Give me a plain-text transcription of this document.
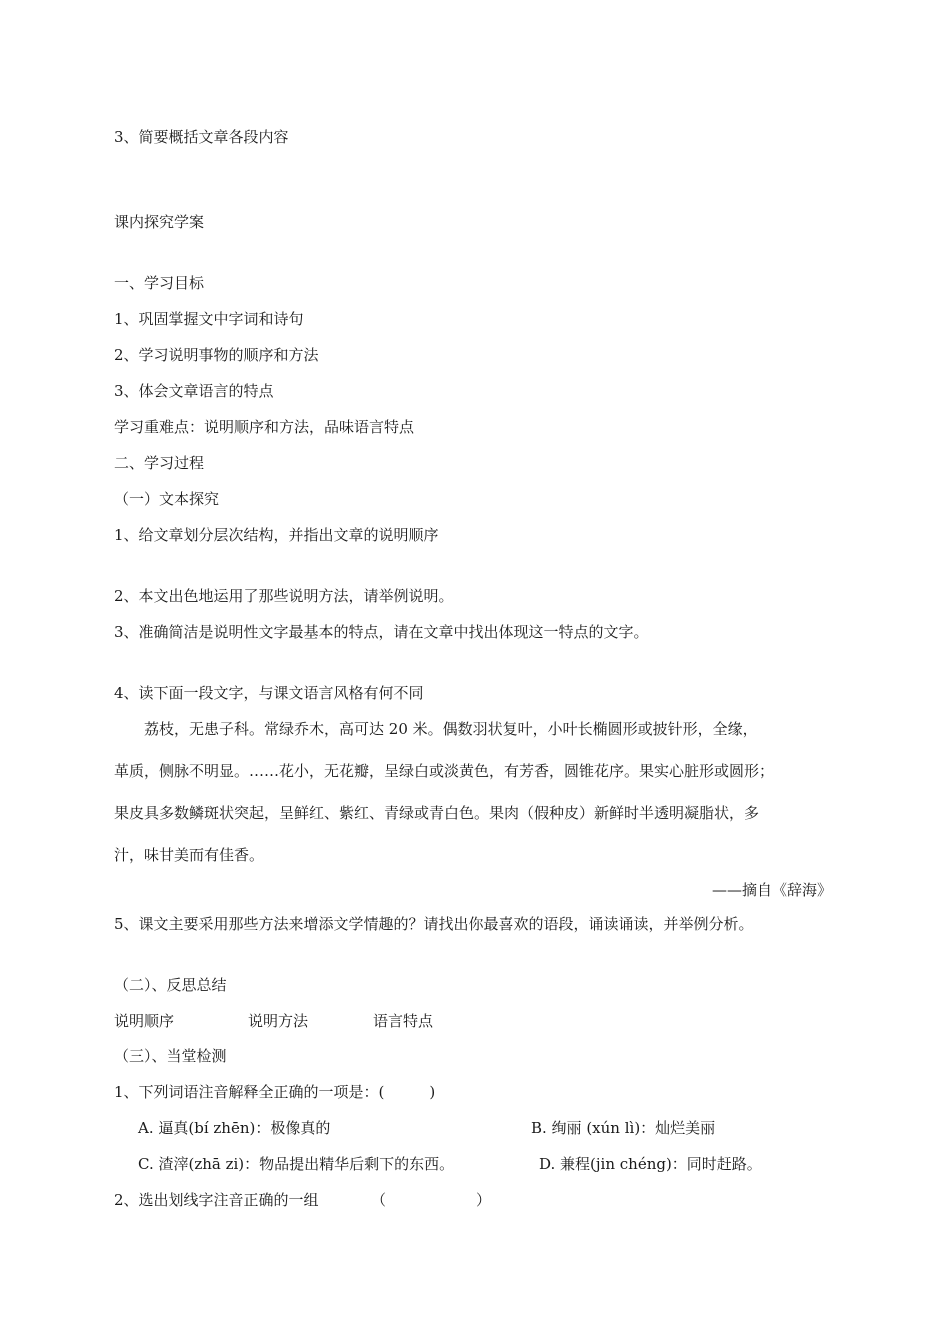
3、简要概括文章各段内容
课内探究学案
一、学习目标
1、巩固掌握文中字词和诗句
2、学习说明事物的顺序和方法
3、体会文章语言的特点
学习重难点：说明顺序和方法，品味语言特点
二、学习过程
（一）文本探究
1、给文章划分层次结构，并指出文章的说明顺序
2、本文出色地运用了那些说明方法，请举例说明。
3、准确简洁是说明性文字最基本的特点，请在文章中找出体现这一特点的文字。
4、读下面一段文字，与课文语言风格有何不同
　　荔枝，无患子科。常绿乔木，高可达 20 米。偶数羽状复叶，小叶长椭圆形或披针形，全缘，
革质，侧脉不明显。……花小，无花瓣，呈绿白或淡黄色，有芳香，圆锥花序。果实心脏形或圆形；
果皮具多数鳞斑状突起，呈鲜红、紫红、青绿或青白色。果肉（假种皮）新鲜时半透明凝脂状，多
汁，味甘美而有佳香。
——摘自《辞海》
5、课文主要采用那些方法来增添文学情趣的？请找出你最喜欢的语段，诵读诵读，并举例分析。
（二）、反思总结
说明顺序	说明方法	语言特点
（三）、当堂检测
1、下列词语注音解释全正确的一项是：(　　　)
A. 逼真(bí zhēn)：极像真的	B. 绚丽 (xún lì)：灿烂美丽
C. 渣滓(zhā zi)：物品提出精华后剩下的东西。	D. 兼程(jin chéng)：同时赶路。
2、选出划线字注音正确的一组　　　　（　　　　　　）
